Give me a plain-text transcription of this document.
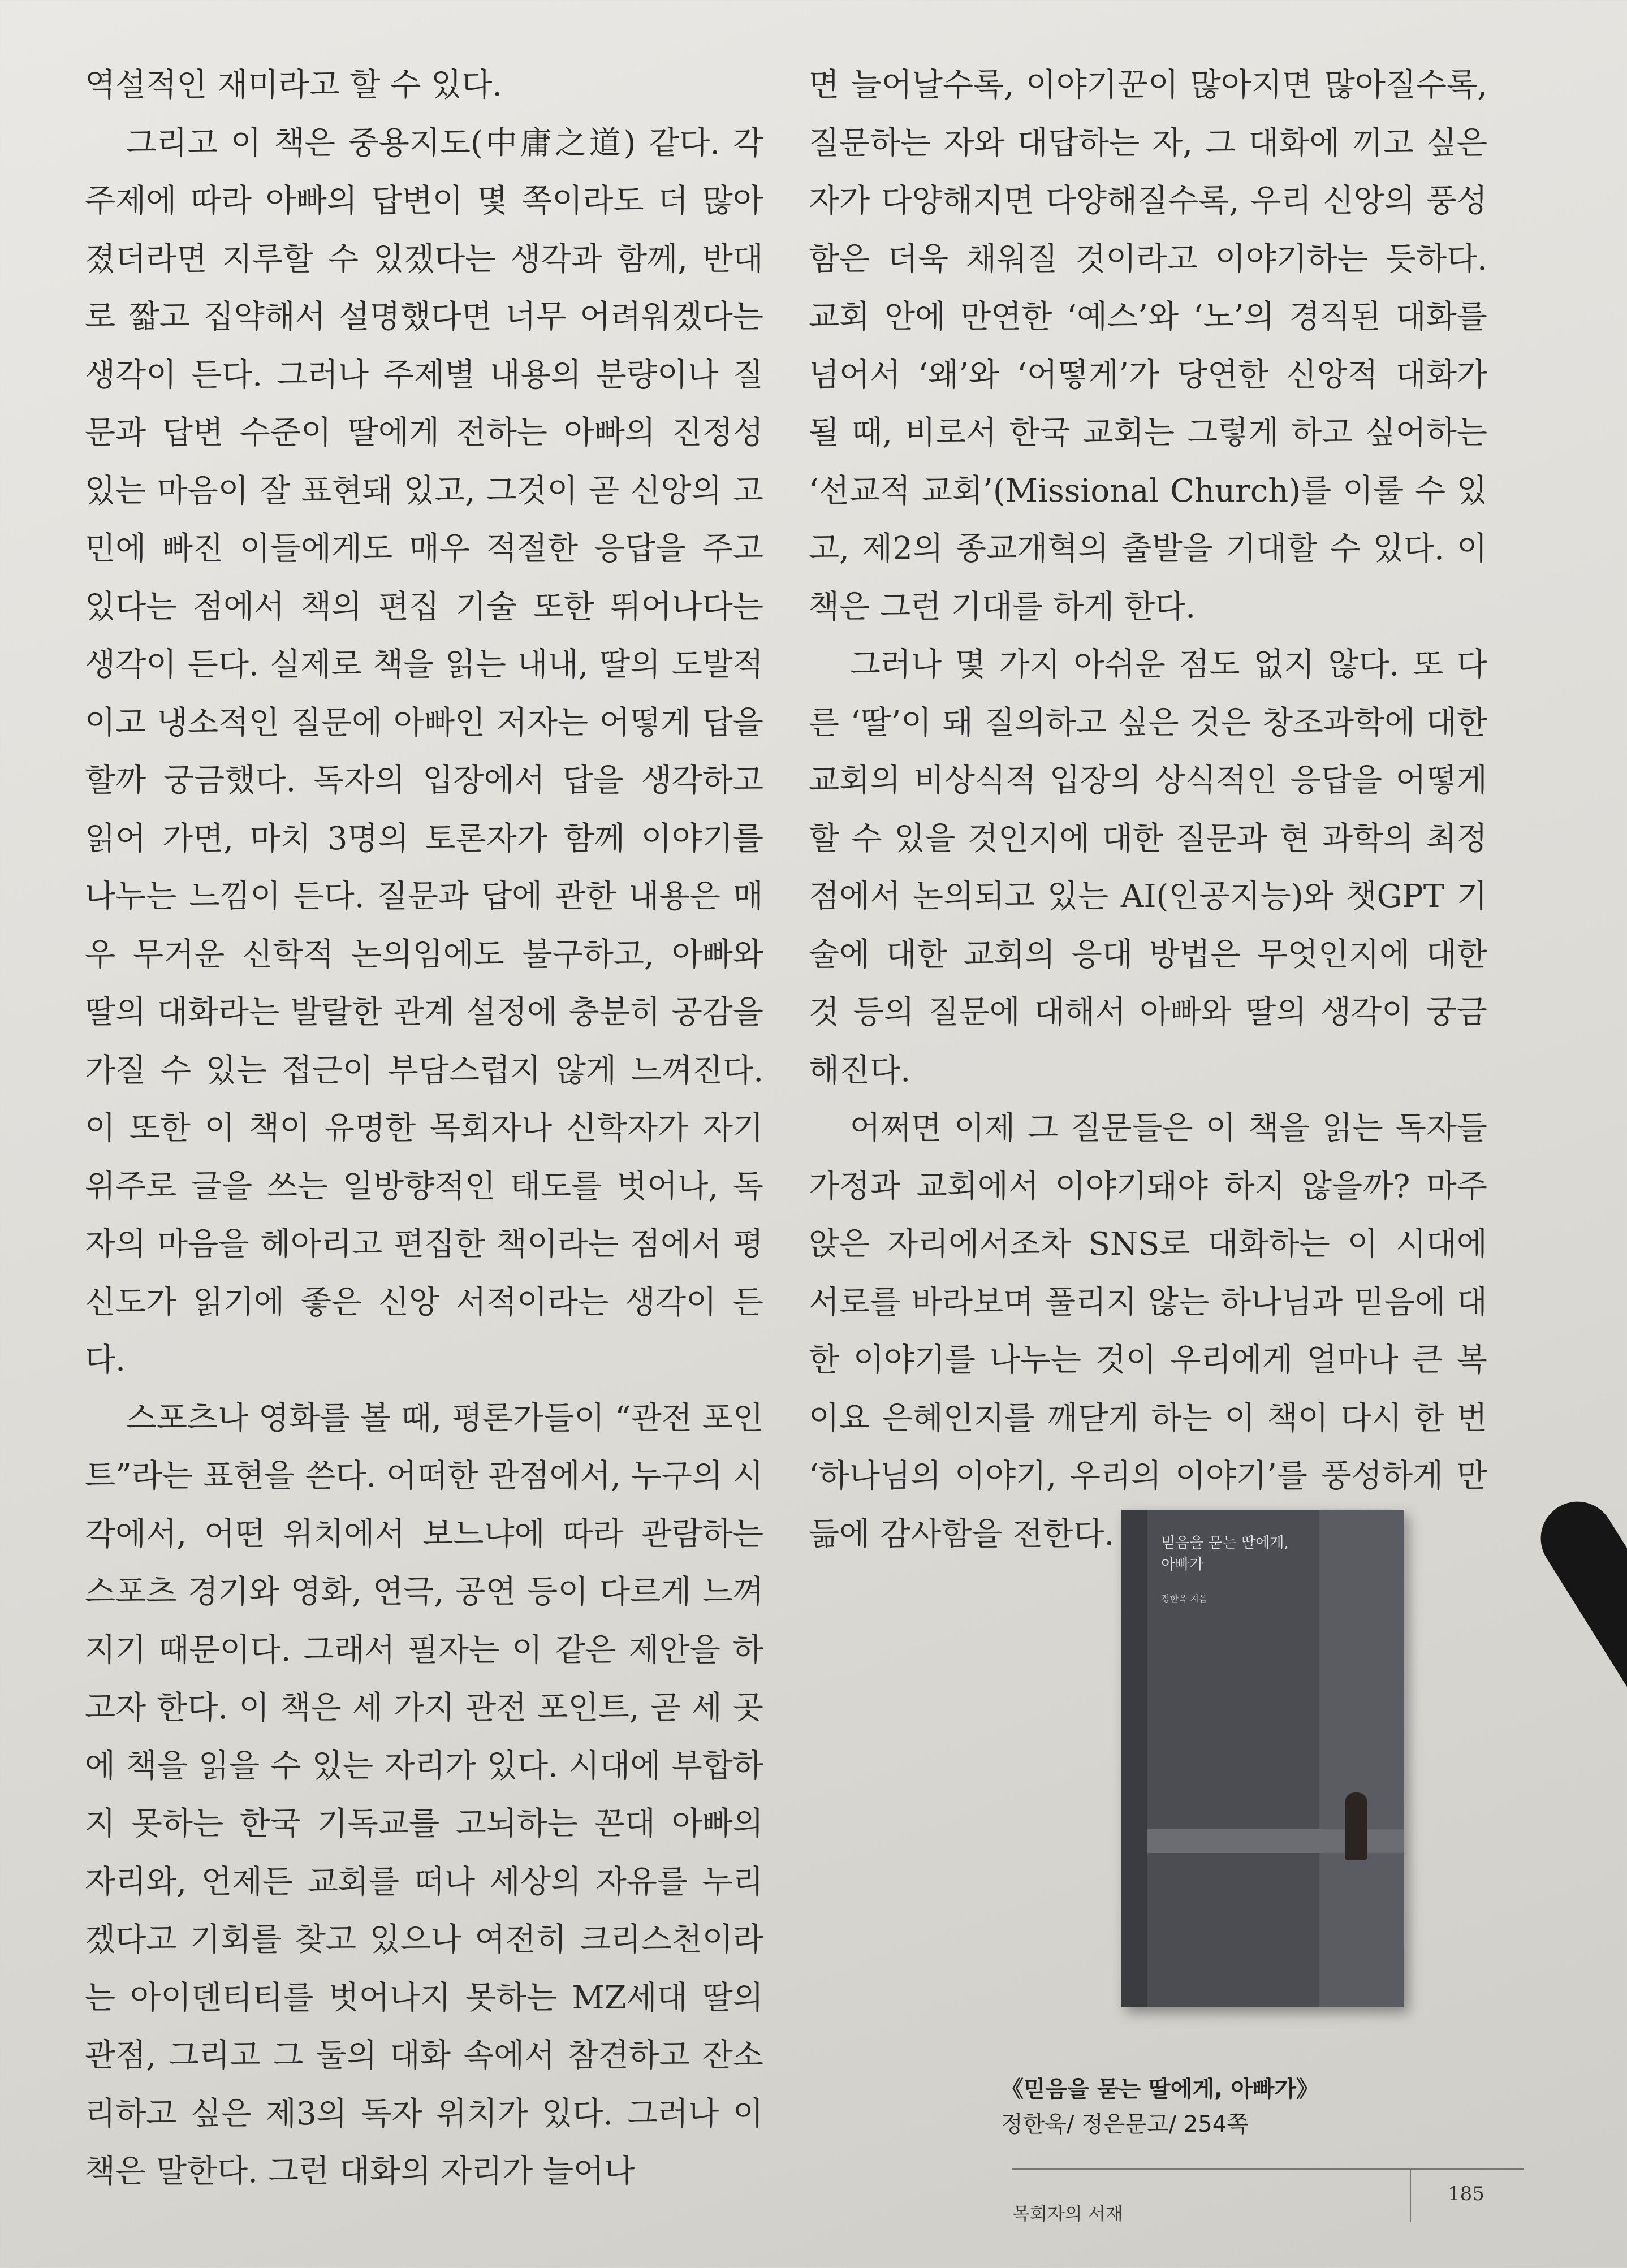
역설적인 재미라고 할 수 있다.

그리고 이 책은 중용지도(中庸之道) 같다. 각 주제에 따라 아빠의 답변이 몇 쪽이라도 더 많아졌더라면 지루할 수 있겠다는 생각과 함께, 반대로 짧고 집약해서 설명했다면 너무 어려워겠다는 생각이 든다. 그러나 주제별 내용의 분량이나 질문과 답변 수준이 딸에게 전하는 아빠의 진정성 있는 마음이 잘 표현돼 있고, 그것이 곧 신앙의 고민에 빠진 이들에게도 매우 적절한 응답을 주고 있다는 점에서 책의 편집 기술 또한 뛰어나다는 생각이 든다. 실제로 책을 읽는 내내, 딸의 도발적이고 냉소적인 질문에 아빠인 저자는 어떻게 답을 할까 궁금했다. 독자의 입장에서 답을 생각하고 읽어 가면, 마치 3명의 토론자가 함께 이야기를 나누는 느낌이 든다. 질문과 답에 관한 내용은 매우 무거운 신학적 논의임에도 불구하고, 아빠와 딸의 대화라는 발랄한 관계 설정에 충분히 공감을 가질 수 있는 접근이 부담스럽지 않게 느껴진다. 이 또한 이 책이 유명한 목회자나 신학자가 자기 위주로 글을 쓰는 일방향적인 태도를 벗어나, 독자의 마음을 헤아리고 편집한 책이라는 점에서 평신도가 읽기에 좋은 신앙 서적이라는 생각이 든다.

스포츠나 영화를 볼 때, 평론가들이 “관전 포인트”라는 표현을 쓴다. 어떠한 관점에서, 누구의 시각에서, 어떤 위치에서 보느냐에 따라 관람하는 스포츠 경기와 영화, 연극, 공연 등이 다르게 느껴지기 때문이다. 그래서 필자는 이 같은 제안을 하고자 한다. 이 책은 세 가지 관전 포인트, 곧 세 곳에 책을 읽을 수 있는 자리가 있다. 시대에 부합하지 못하는 한국 기독교를 고뇌하는 꼰대 아빠의 자리와, 언제든 교회를 떠나 세상의 자유를 누리겠다고 기회를 찾고 있으나 여전히 크리스천이라는 아이덴티티를 벗어나지 못하는 MZ세대 딸의 관점, 그리고 그 둘의 대화 속에서 참견하고 잔소리하고 싶은 제3의 독자 위치가 있다. 그러나 이 책은 말한다. 그런 대화의 자리가 늘어나

면 늘어날수록, 이야기꾼이 많아지면 많아질수록, 질문하는 자와 대답하는 자, 그 대화에 끼고 싶은 자가 다양해지면 다양해질수록, 우리 신앙의 풍성함은 더욱 채워질 것이라고 이야기하는 듯하다. 교회 안에 만연한 ‘예스’와 ‘노’의 경직된 대화를 넘어서 ‘왜’와 ‘어떻게’가 당연한 신앙적 대화가 될 때, 비로서 한국 교회는 그렇게 하고 싶어하는 ‘선교적 교회’(Missional Church)를 이룰 수 있고, 제2의 종교개혁의 출발을 기대할 수 있다. 이 책은 그런 기대를 하게 한다.

그러나 몇 가지 아쉬운 점도 없지 않다. 또 다른 ‘딸’이 돼 질의하고 싶은 것은 창조과학에 대한 교회의 비상식적 입장의 상식적인 응답을 어떻게 할 수 있을 것인지에 대한 질문과 현 과학의 최정점에서 논의되고 있는 AI(인공지능)와 챗GPT 기술에 대한 교회의 응대 방법은 무엇인지에 대한 것 등의 질문에 대해서 아빠와 딸의 생각이 궁금해진다.

어쩌면 이제 그 질문들은 이 책을 읽는 독자들 가정과 교회에서 이야기돼야 하지 않을까? 마주 앉은 자리에서조차 SNS로 대화하는 이 시대에 서로를 바라보며 풀리지 않는 하나님과 믿음에 대한 이야기를 나누는 것이 우리에게 얼마나 큰 복이요 은혜인지를 깨닫게 하는 이 책이 다시 한 번 ‘하나님의 이야기, 우리의 이야기’를 풍성하게 만듦에 감사함을 전한다.	믿음을 묻는 딸에게, 아빠가
정한욱 지음
《믿음을 묻는 딸에게, 아빠가》
정한욱/ 정은문고/ 254쪽
목회자의 서재
185
